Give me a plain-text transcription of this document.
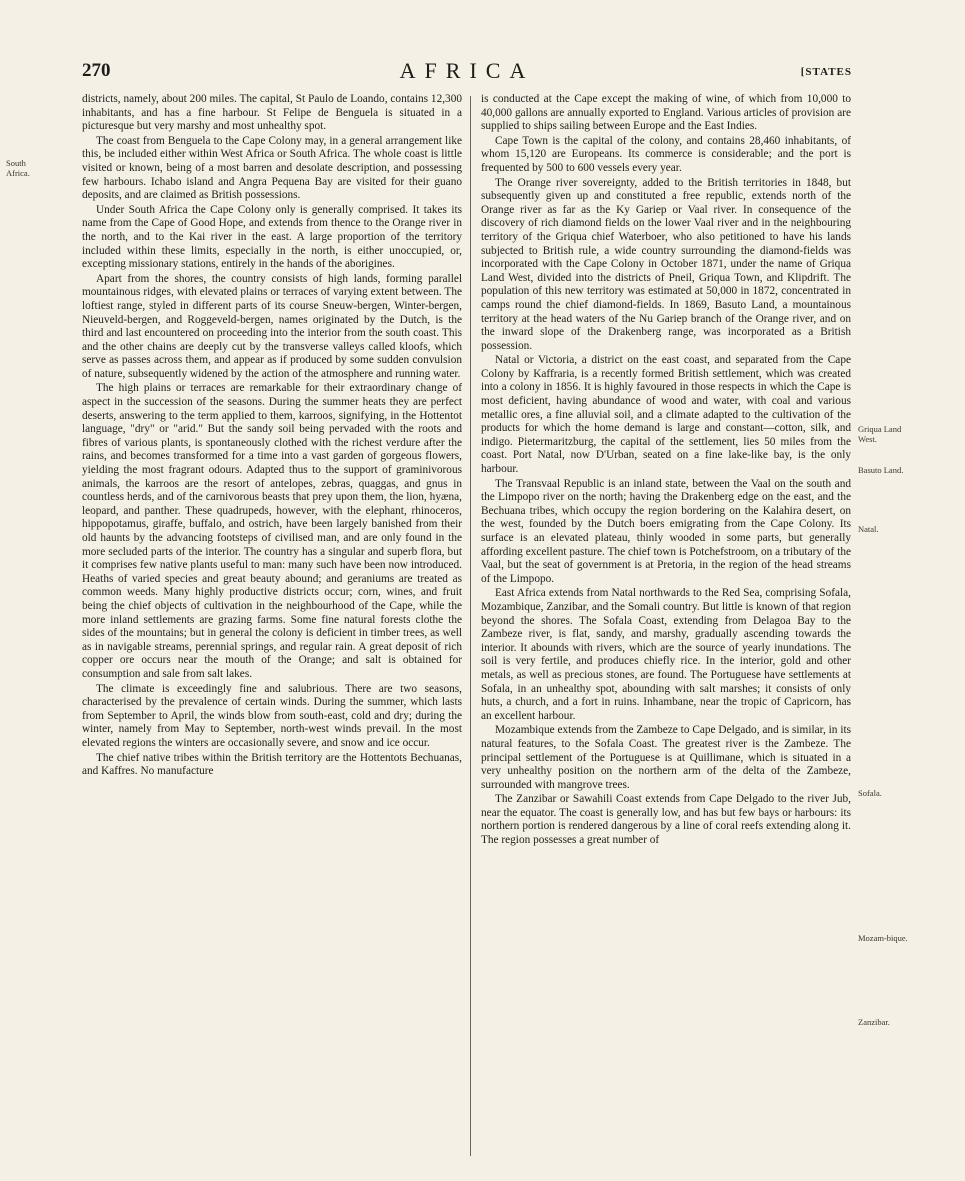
270	AFRICA	[STATES
South Africa.
Griqua Land West.
Basuto Land.
Natal.
Sofala.
Mozam-bique.
Zanzibar.

districts, namely, about 200 miles. The capital, St Paulo de Loando, contains 12,300 inhabitants, and has a fine harbour. St Felipe de Benguela is situated in a picturesque but very marshy and most unhealthy spot.

The coast from Benguela to the Cape Colony may, in a general arrangement like this, be included either within West Africa or South Africa. The whole coast is little visited or known, being of a most barren and desolate description, and possessing few harbours. Ichabo island and Angra Pequena Bay are visited for their guano deposits, and are claimed as British possessions.

Under South Africa the Cape Colony only is generally comprised. It takes its name from the Cape of Good Hope, and extends from thence to the Orange river in the north, and to the Kai river in the east. A large proportion of the territory included within these limits, especially in the north, is either unoccupied, or, excepting missionary stations, entirely in the hands of the aborigines.

Apart from the shores, the country consists of high lands, forming parallel mountainous ridges, with elevated plains or terraces of varying extent between. The loftiest range, styled in different parts of its course Sneuw-bergen, Winter-bergen, Nieuveld-bergen, and Roggeveld-bergen, names originated by the Dutch, is the third and last encountered on proceeding into the interior from the south coast. This and the other chains are deeply cut by the transverse valleys called kloofs, which serve as passes across them, and appear as if produced by some sudden convulsion of nature, subsequently widened by the action of the atmosphere and running water.

The high plains or terraces are remarkable for their extraordinary change of aspect in the succession of the seasons. During the summer heats they are perfect deserts, answering to the term applied to them, karroos, signifying, in the Hottentot language, "dry" or "arid." But the sandy soil being pervaded with the roots and fibres of various plants, is spontaneously clothed with the richest verdure after the rains, and becomes transformed for a time into a vast garden of gorgeous flowers, yielding the most fragrant odours. Adapted thus to the support of graminivorous animals, the karroos are the resort of antelopes, zebras, quaggas, and gnus in countless herds, and of the carnivorous beasts that prey upon them, the lion, hyæna, leopard, and panther. These quadrupeds, however, with the elephant, rhinoceros, hippopotamus, giraffe, buffalo, and ostrich, have been largely banished from their old haunts by the advancing footsteps of civilised man, and are only found in the more secluded parts of the interior. The country has a singular and superb flora, but it comprises few native plants useful to man: many such have been now introduced. Heaths of varied species and great beauty abound; and geraniums are treated as common weeds. Many highly productive districts occur; corn, wines, and fruit being the chief objects of cultivation in the neighbourhood of the Cape, while the more inland settlements are grazing farms. Some fine natural forests clothe the sides of the mountains; but in general the colony is deficient in timber trees, as well as in navigable streams, perennial springs, and regular rain. A great deposit of rich copper ore occurs near the mouth of the Orange; and salt is obtained for consumption and sale from salt lakes.

The climate is exceedingly fine and salubrious. There are two seasons, characterised by the prevalence of certain winds. During the summer, which lasts from September to April, the winds blow from south-east, cold and dry; during the winter, namely from May to September, north-west winds prevail. In the most elevated regions the winters are occasionally severe, and snow and ice occur.

The chief native tribes within the British territory are the Hottentots Bechuanas, and Kaffres. No manufacture

is conducted at the Cape except the making of wine, of which from 10,000 to 40,000 gallons are annually exported to England. Various articles of provision are supplied to ships sailing between Europe and the East Indies.

Cape Town is the capital of the colony, and contains 28,460 inhabitants, of whom 15,120 are Europeans. Its commerce is considerable; and the port is frequented by 500 to 600 vessels every year.

The Orange river sovereignty, added to the British territories in 1848, but subsequently given up and constituted a free republic, extends north of the Orange river as far as the Ky Gariep or Vaal river. In consequence of the discovery of rich diamond fields on the lower Vaal river and in the neighbouring territory of the Griqua chief Waterboer, who also petitioned to have his lands subjected to British rule, a wide country surrounding the diamond-fields was incorporated with the Cape Colony in October 1871, under the name of Griqua Land West, divided into the districts of Pneil, Griqua Town, and Klipdrift. The population of this new territory was estimated at 50,000 in 1872, concentrated in camps round the chief diamond-fields. In 1869, Basuto Land, a mountainous territory at the head waters of the Nu Gariep branch of the Orange river, and on the inward slope of the Drakenberg range, was incorporated as a British possession.

Natal or Victoria, a district on the east coast, and separated from the Cape Colony by Kaffraria, is a recently formed British settlement, which was created into a colony in 1856. It is highly favoured in those respects in which the Cape is most deficient, having abundance of wood and water, with coal and various metallic ores, a fine alluvial soil, and a climate adapted to the cultivation of the products for which the home demand is large and constant—cotton, silk, and indigo. Pietermaritzburg, the capital of the settlement, lies 50 miles from the coast. Port Natal, now D'Urban, seated on a fine lake-like bay, is the only harbour.

The Transvaal Republic is an inland state, between the Vaal on the south and the Limpopo river on the north; having the Drakenberg edge on the east, and the Bechuana tribes, which occupy the region bordering on the Kalahira desert, on the west, founded by the Dutch boers emigrating from the Cape Colony. Its surface is an elevated plateau, thinly wooded in some parts, but generally affording excellent pasture. The chief town is Potchefstroom, on a tributary of the Vaal, but the seat of government is at Pretoria, in the region of the head streams of the Limpopo.

East Africa extends from Natal northwards to the Red Sea, comprising Sofala, Mozambique, Zanzibar, and the Somali country. But little is known of that region beyond the shores. The Sofala Coast, extending from Delagoa Bay to the Zambeze river, is flat, sandy, and marshy, gradually ascending towards the interior. It abounds with rivers, which are the source of yearly inundations. The soil is very fertile, and produces chiefly rice. In the interior, gold and other metals, as well as precious stones, are found. The Portuguese have settlements at Sofala, in an unhealthy spot, abounding with salt marshes; it consists of only huts, a church, and a fort in ruins. Inhambane, near the tropic of Capricorn, has an excellent harbour.

Mozambique extends from the Zambeze to Cape Delgado, and is similar, in its natural features, to the Sofala Coast. The greatest river is the Zambeze. The principal settlement of the Portuguese is at Quillimane, which is situated in a very unhealthy position on the northern arm of the delta of the Zambeze, surrounded with mangrove trees.

The Zanzibar or Sawahili Coast extends from Cape Delgado to the river Jub, near the equator. The coast is generally low, and has but few bays or harbours: its northern portion is rendered dangerous by a line of coral reefs extending along it. The region possesses a great number of
